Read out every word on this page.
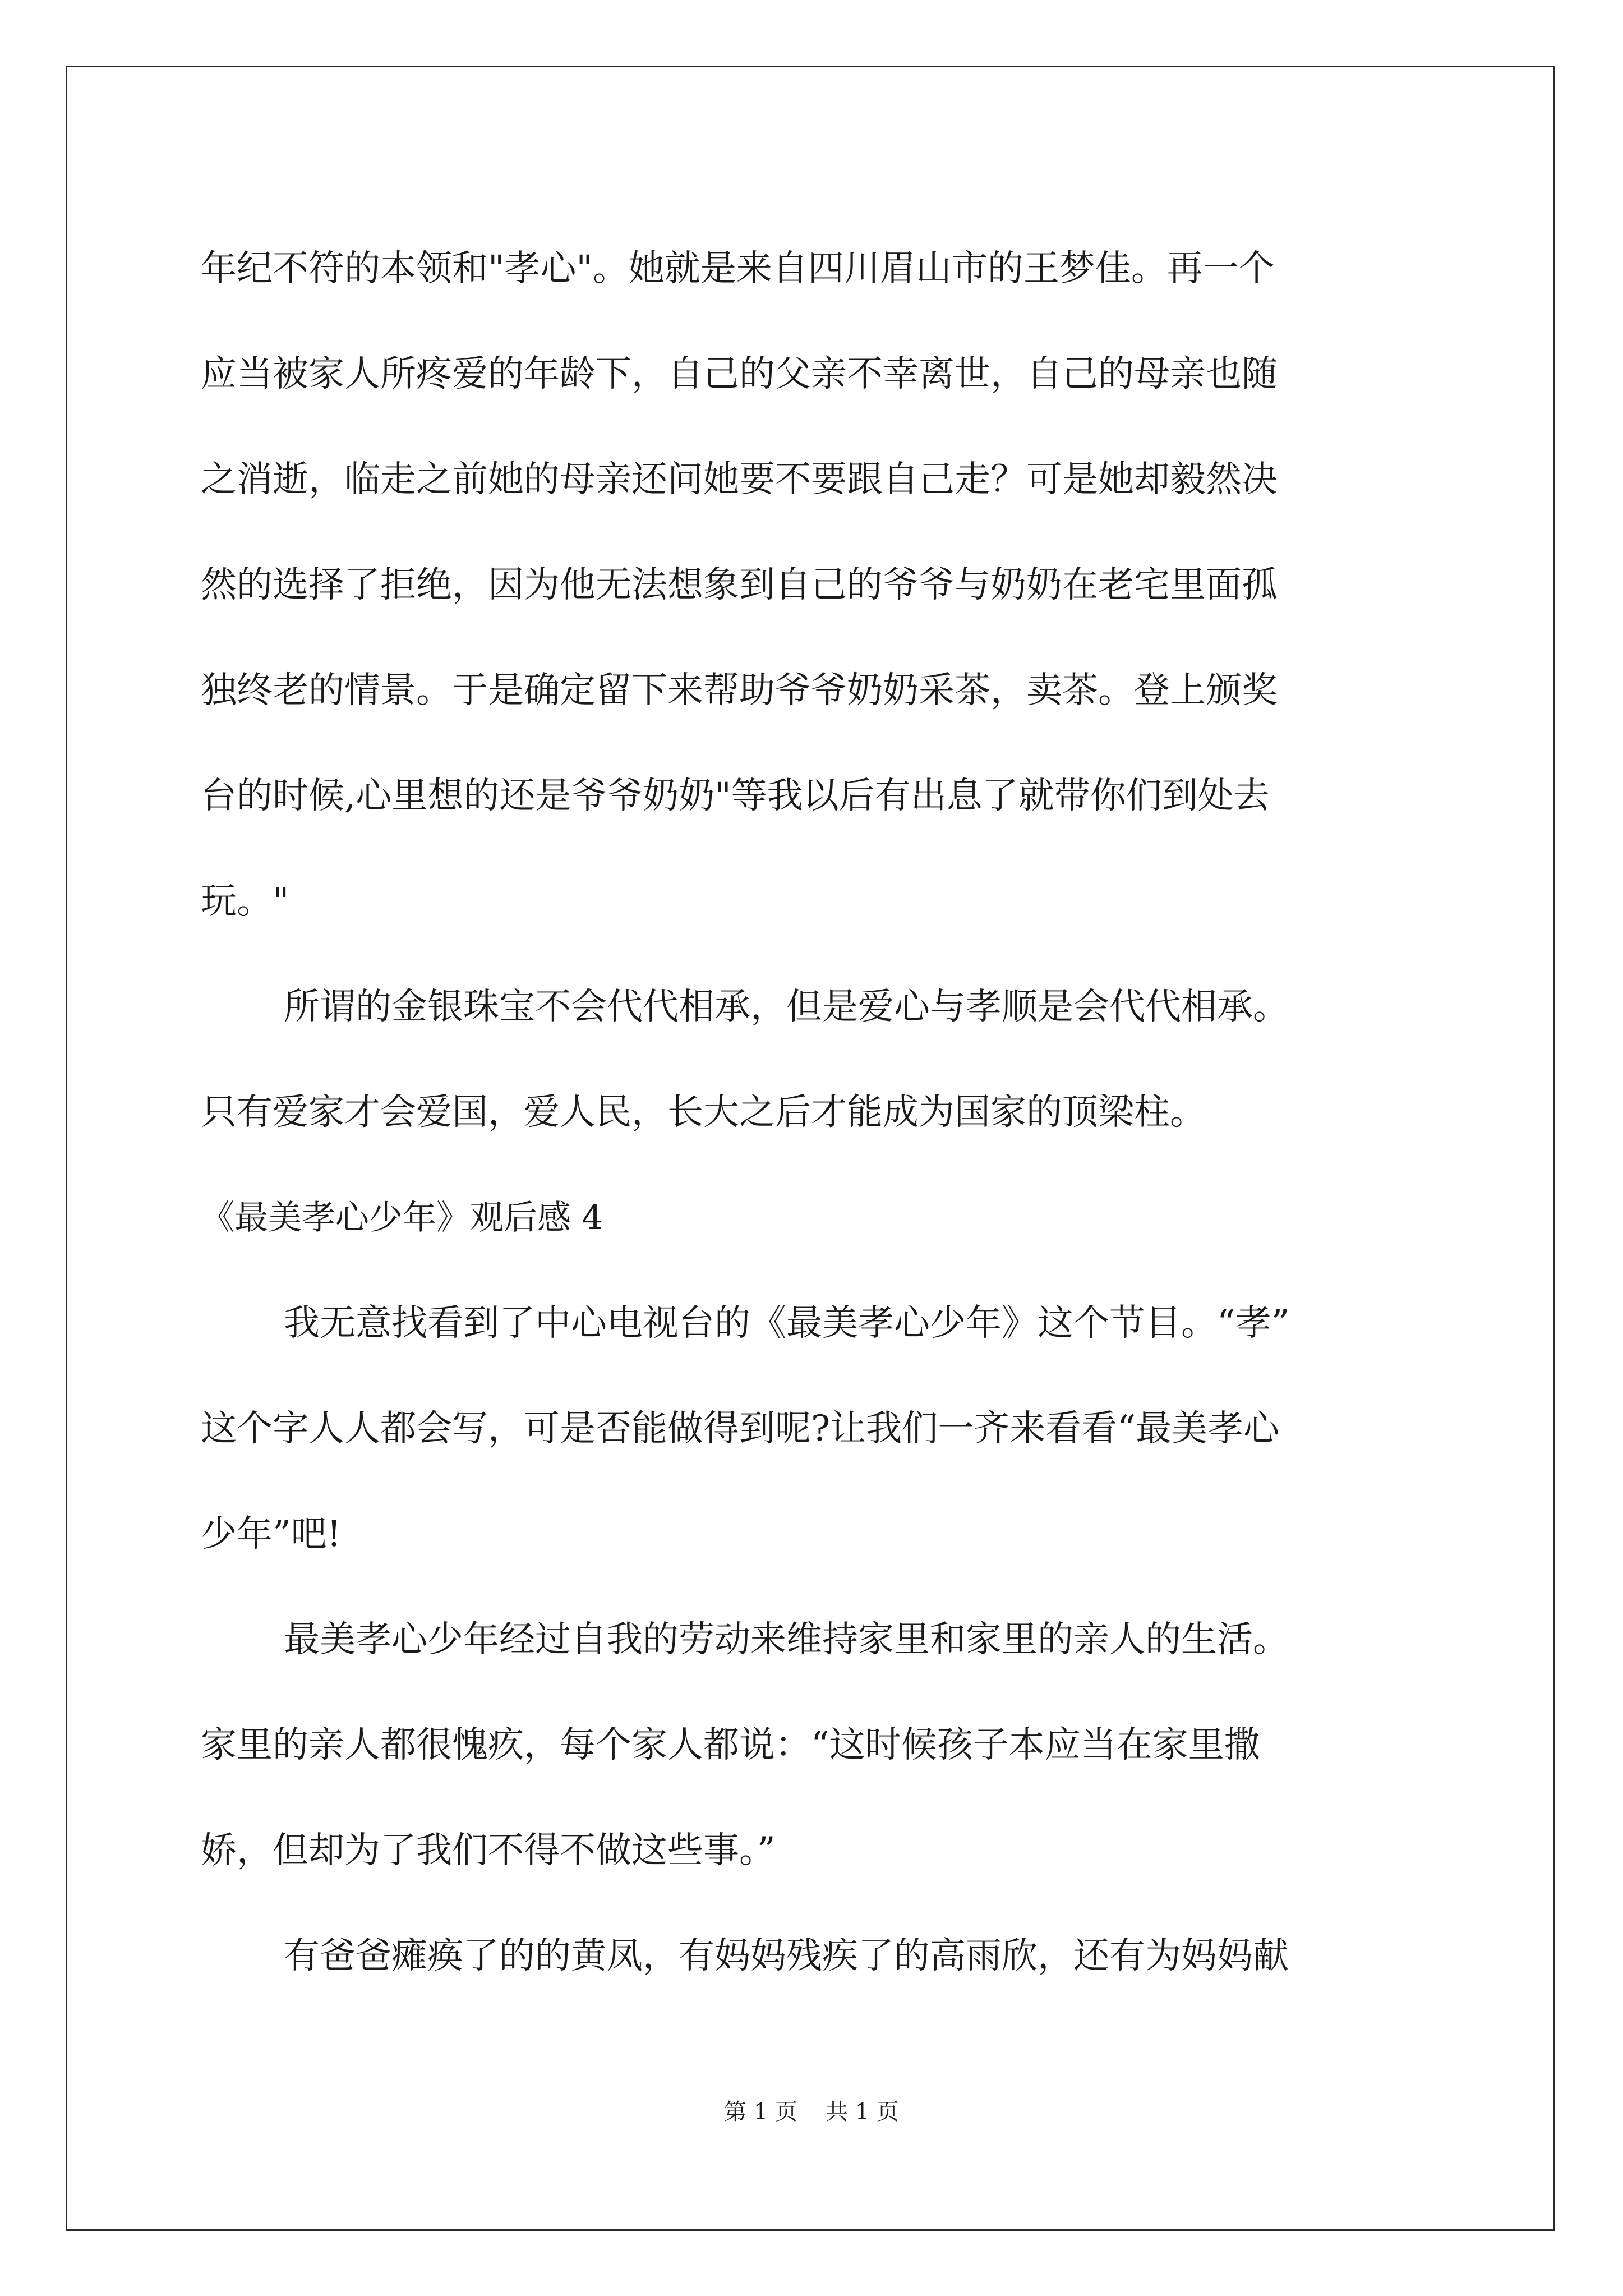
年纪不符的本领和"孝心"。她就是来自四川眉山市的王梦佳。再一个
应当被家人所疼爱的年龄下，自己的父亲不幸离世，自己的母亲也随
之消逝，临走之前她的母亲还问她要不要跟自己走？可是她却毅然决
然的选择了拒绝，因为他无法想象到自己的爷爷与奶奶在老宅里面孤
独终老的情景。于是确定留下来帮助爷爷奶奶采茶，卖茶。登上颁奖
台的时候,心里想的还是爷爷奶奶"等我以后有出息了就带你们到处去
玩。"
所谓的金银珠宝不会代代相承，但是爱心与孝顺是会代代相承。
只有爱家才会爱国，爱人民，长大之后才能成为国家的顶梁柱。
《最美孝心少年》观后感 4
我无意找看到了中心电视台的《最美孝心少年》这个节目。“孝”
这个字人人都会写，可是否能做得到呢?让我们一齐来看看“最美孝心
少年”吧!
最美孝心少年经过自我的劳动来维持家里和家里的亲人的生活。
家里的亲人都很愧疚，每个家人都说：“这时候孩子本应当在家里撒
娇，但却为了我们不得不做这些事。”
有爸爸瘫痪了的的黄凤，有妈妈残疾了的高雨欣，还有为妈妈献
第 1 页 共 1 页
